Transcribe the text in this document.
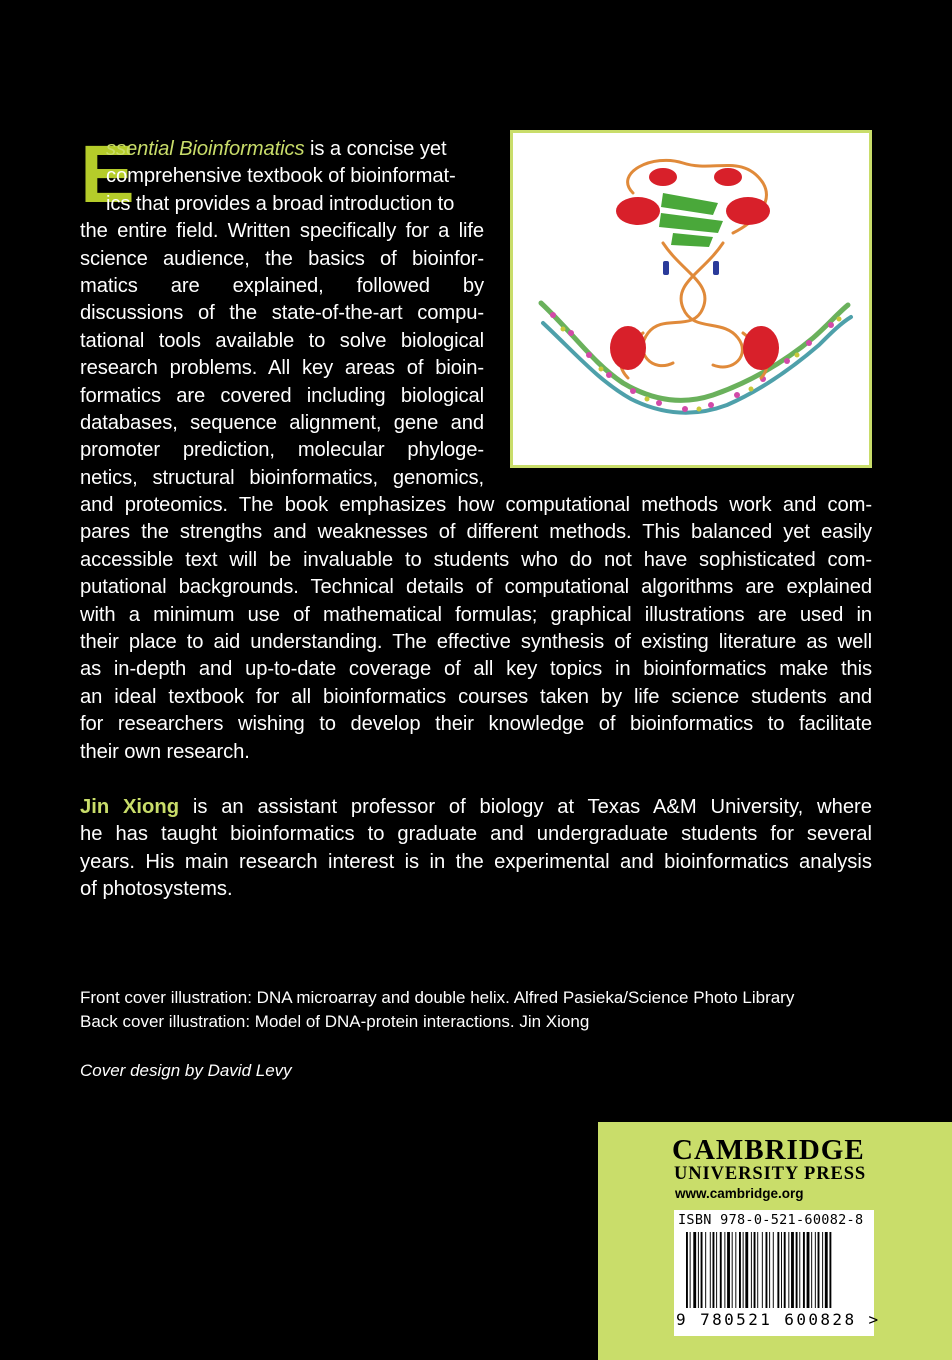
E
ssential Bioinformatics is a concise yet
comprehensive textbook of bioinformat-
ics that provides a broad introduction to
the entire field. Written specifically for a life
science audience, the basics of bioinfor-
matics are explained, followed by
discussions of the state-of-the-art compu-
tational tools available to solve biological
research problems. All key areas of bioin-
formatics are covered including biological
databases, sequence alignment, gene and
promoter prediction, molecular phyloge-
netics, structural bioinformatics, genomics,
and proteomics. The book emphasizes how computational methods work and com-
pares the strengths and weaknesses of different methods. This balanced yet easily
accessible text will be invaluable to students who do not have sophisticated com-
putational backgrounds. Technical details of computational algorithms are explained
with a minimum use of mathematical formulas; graphical illustrations are used in
their place to aid understanding. The effective synthesis of existing literature as well
as in-depth and up-to-date coverage of all key topics in bioinformatics make this
an ideal textbook for all bioinformatics courses taken by life science students and
for researchers wishing to develop their knowledge of bioinformatics to facilitate
their own research.
Jin Xiong is an assistant professor of biology at Texas A&M University, where
he has taught bioinformatics to graduate and undergraduate students for several
years. His main research interest is in the experimental and bioinformatics analysis
of photosystems.
Front cover illustration: DNA microarray and double helix. Alfred Pasieka/Science Photo Library
Back cover illustration: Model of DNA-protein interactions. Jin Xiong
Cover design by David Levy
CAMBRIDGE
UNIVERSITY PRESS
www.cambridge.org
ISBN 978-0-521-60082-8
9 780521 600828 >
